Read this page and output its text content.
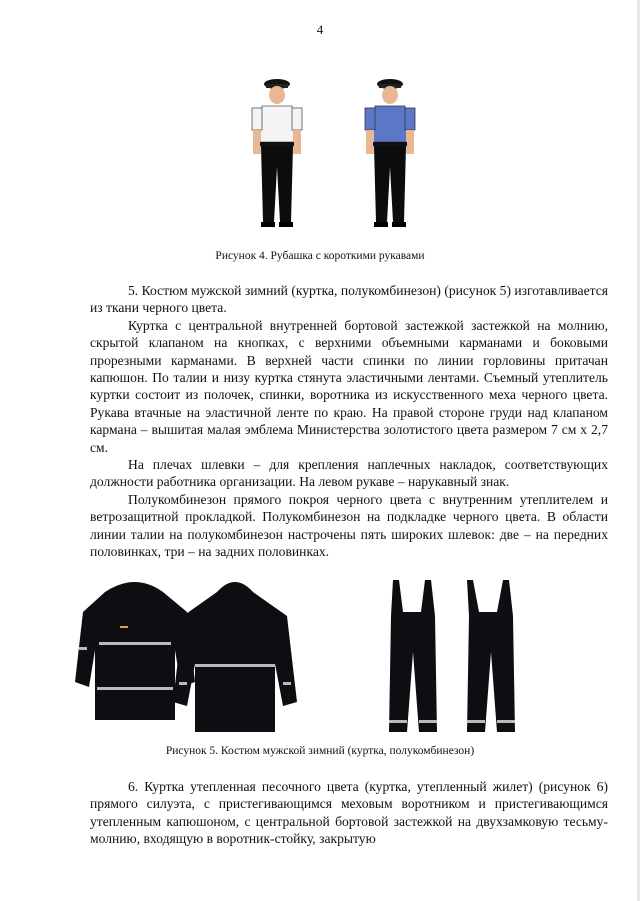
4
Рисунок 4. Рубашка с короткими рукавами

5. Костюм мужской зимний (куртка, полукомбинезон) (рисунок 5) изготавливается из ткани черного цвета.

Куртка с центральной внутренней бортовой застежкой застежкой на молнию, скрытой клапаном на кнопках, с верхними объемными карманами и боковыми прорезными карманами. В верхней части спинки по линии горловины притачан капюшон. По талии и низу куртка стянута эластичными лентами. Съемный утеплитель куртки состоит из полочек, спинки, воротника из искусственного меха черного цвета. Рукава втачные на эластичной ленте по краю. На правой стороне груди над клапаном кармана – вышитая малая эмблема Министерства золотистого цвета размером 7 см х 2,7 см.

На плечах шлевки – для крепления наплечных накладок, соответствующих должности работника организации. На левом рукаве – нарукавный знак.

Полукомбинезон прямого покроя черного цвета с внутренним утеплителем и ветрозащитной прокладкой. Полукомбинезон на подкладке черного цвета. В области линии талии на полукомбинезон настрочены пять широких шлевок: две – на передних половинках, три – на задних половинках.

Рисунок 5. Костюм мужской зимний (куртка, полукомбинезон)

6. Куртка утепленная песочного цвета (куртка, утепленный жилет) (рисунок 6) прямого силуэта, с пристегивающимся меховым воротником и пристегивающимся утепленным капюшоном, с центральной бортовой застежкой на двухзамковую тесьму-молнию, входящую в воротник-стойку, закрытую
